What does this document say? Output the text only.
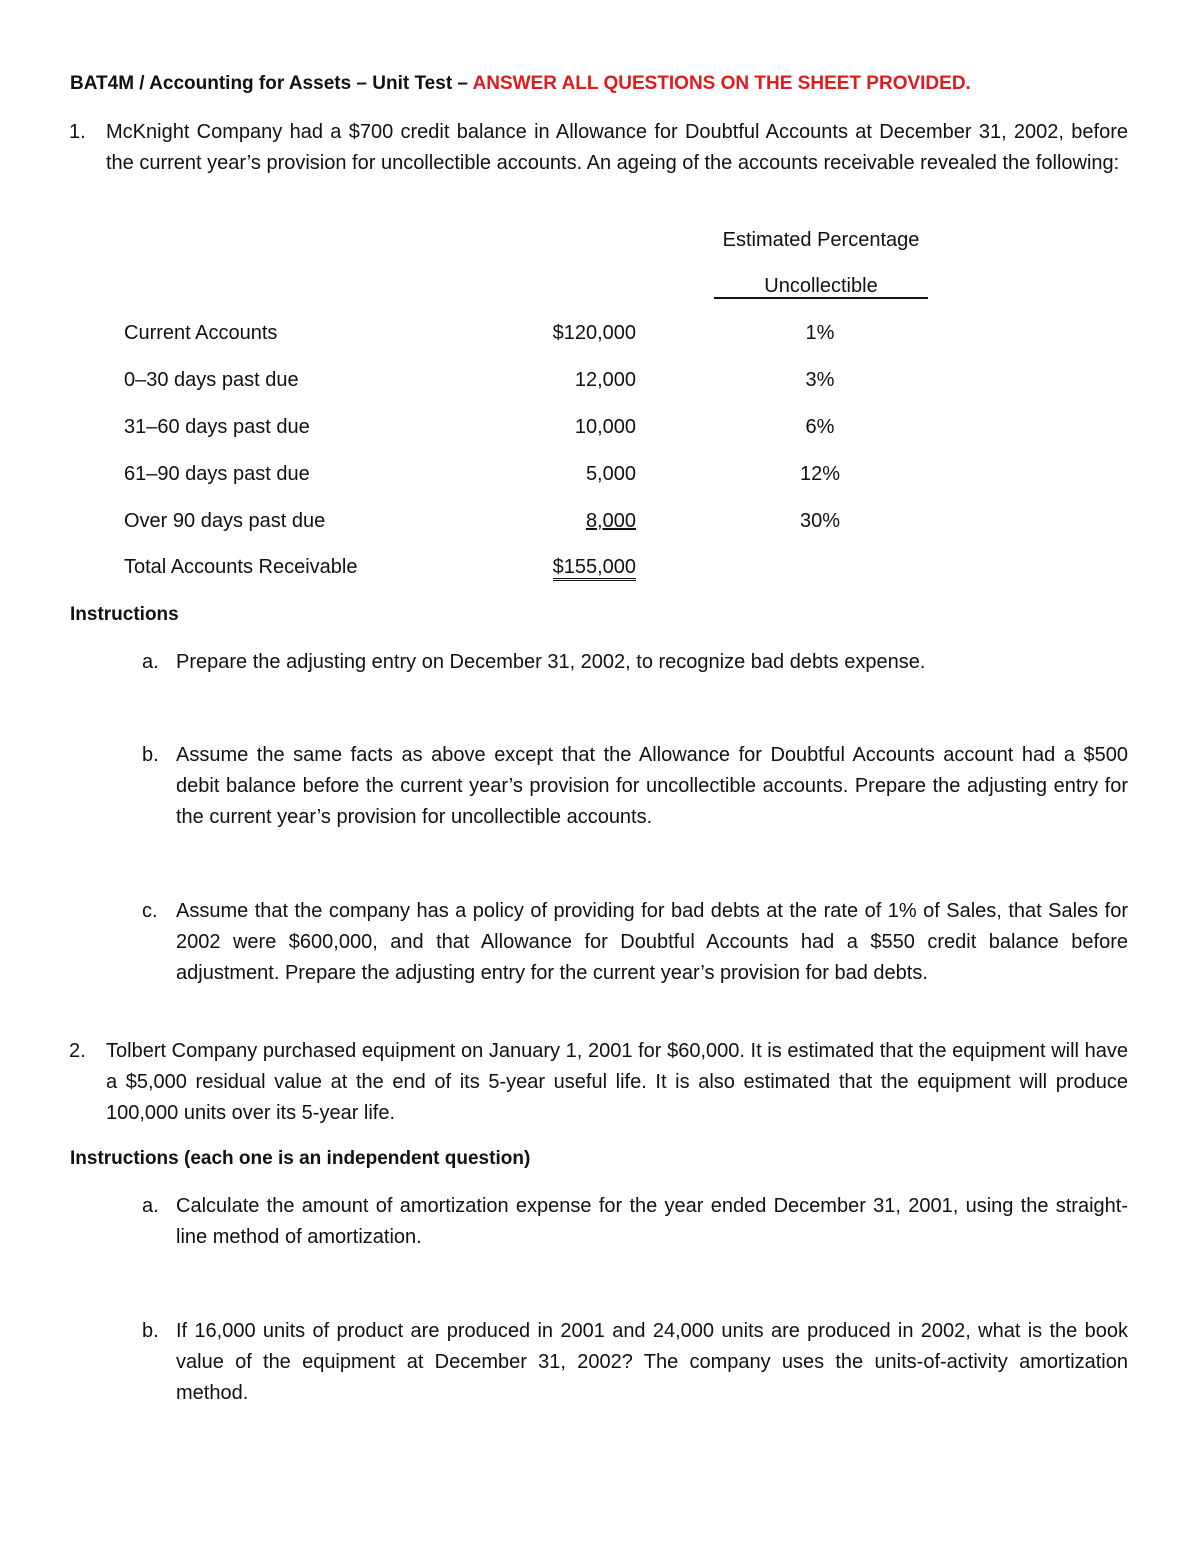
BAT4M / Accounting for Assets – Unit Test – ANSWER ALL QUESTIONS ON THE SHEET PROVIDED.
1. McKnight Company had a $700 credit balance in Allowance for Doubtful Accounts at December 31, 2002, before the current year’s provision for uncollectible accounts. An ageing of the accounts receivable revealed the following:
Estimated Percentage
Uncollectible
Current Accounts	$120,000	1%
0–30 days past due	12,000	3%
31–60 days past due	10,000	6%
61–90 days past due	5,000	12%
Over 90 days past due	8,000	30%
Total Accounts Receivable	$155,000
Instructions
a. Prepare the adjusting entry on December 31, 2002, to recognize bad debts expense.
b. Assume the same facts as above except that the Allowance for Doubtful Accounts account had a $500 debit balance before the current year’s provision for uncollectible accounts. Prepare the adjusting entry for the current year’s provision for uncollectible accounts.
c. Assume that the company has a policy of providing for bad debts at the rate of 1% of Sales, that Sales for 2002 were $600,000, and that Allowance for Doubtful Accounts had a $550 credit balance before adjustment. Prepare the adjusting entry for the current year’s provision for bad debts.
2. Tolbert Company purchased equipment on January 1, 2001 for $60,000. It is estimated that the equipment will have a $5,000 residual value at the end of its 5-year useful life. It is also estimated that the equipment will produce 100,000 units over its 5-year life.
Instructions (each one is an independent question)
a. Calculate the amount of amortization expense for the year ended December 31, 2001, using the straight-line method of amortization.
b. If 16,000 units of product are produced in 2001 and 24,000 units are produced in 2002, what is the book value of the equipment at December 31, 2002? The company uses the units-of-activity amortization method.
